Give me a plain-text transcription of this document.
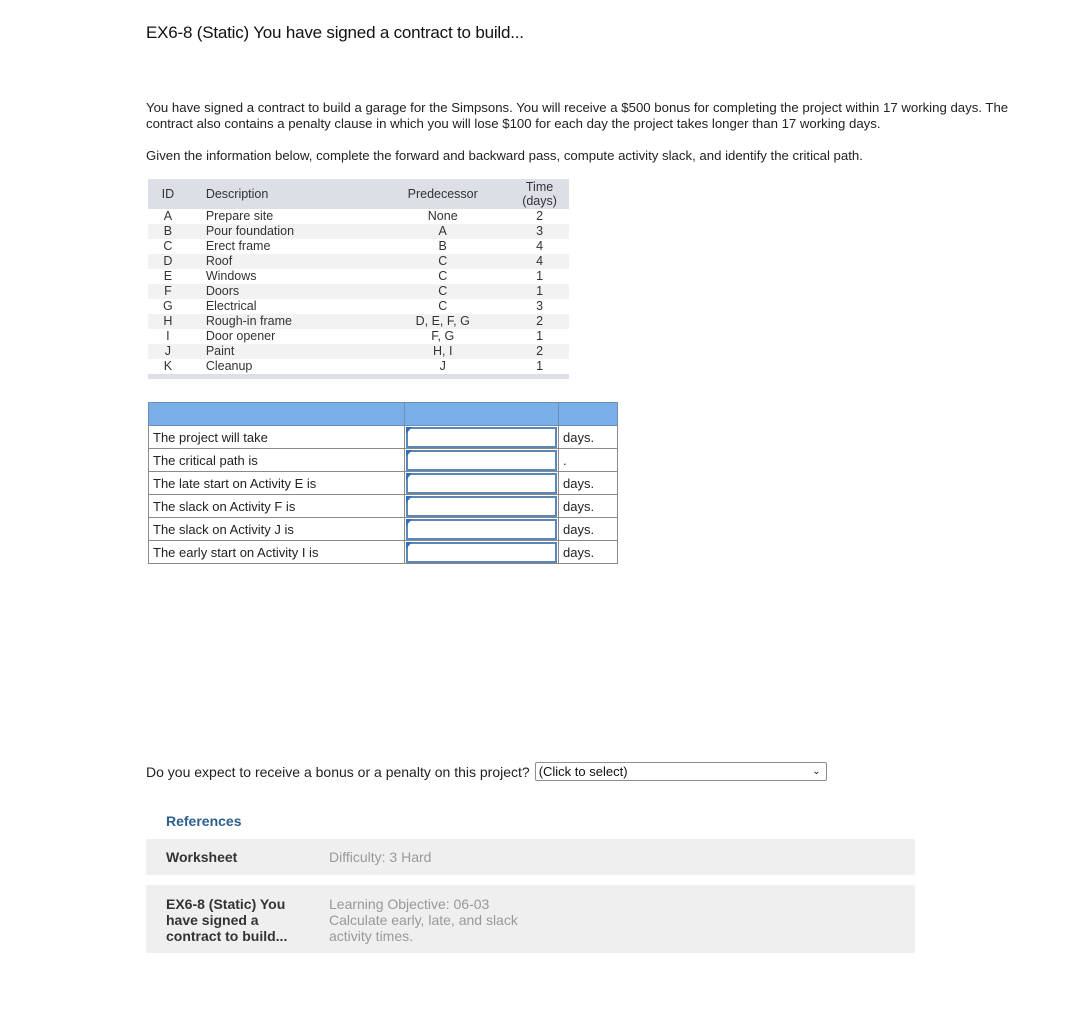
EX6-8 (Static) You have signed a contract to build...
You have signed a contract to build a garage for the Simpsons. You will receive a $500 bonus for completing the project within 17 working days. The contract also contains a penalty clause in which you will lose $100 for each day the project takes longer than 17 working days.
Given the information below, complete the forward and backward pass, compute activity slack, and identify the critical path.
ID	Description	Predecessor	Time (days)
A	Prepare site	None	2
B	Pour foundation	A	3
C	Erect frame	B	4
D	Roof	C	4
E	Windows	C	1
F	Doors	C	1
G	Electrical	C	3
H	Rough-in frame	D, E, F, G	2
I	Door opener	F, G	1
J	Paint	H, I	2
K	Cleanup	J	1

The project will take		days.
The critical path is		.
The late start on Activity E is		days.
The slack on Activity F is		days.
The slack on Activity J is		days.
The early start on Activity I is		days.
Do you expect to receive a bonus or a penalty on this project? (Click to select)	⌄
References
Worksheet	Difficulty: 3 Hard
EX6-8 (Static) You have signed a contract to build...
Learning Objective: 06-03 Calculate early, late, and slack activity times.
